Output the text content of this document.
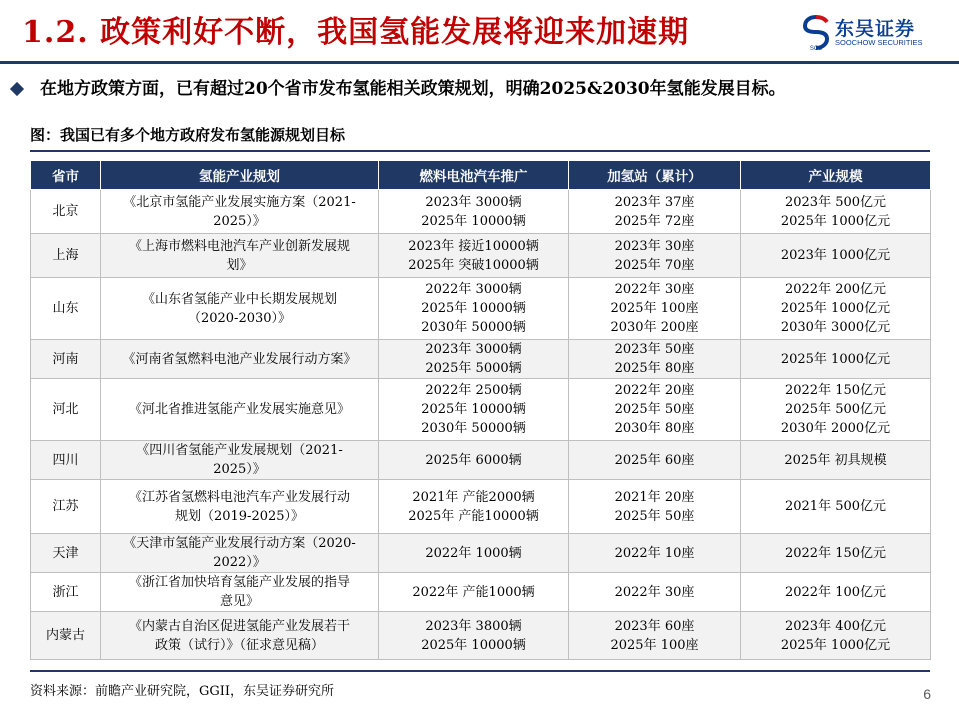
1.2. 政策利好不断，我国氢能发展将迎来加速期	SCS
东吴证券
SOOCHOW SECURITIES
在地方政策方面，已有超过20个省市发布氢能相关政策规划，明确2025&2030年氢能发展目标。
图：我国已有多个地方政府发布氢能源规划目标
省市	氢能产业规划	燃料电池汽车推广	加氢站（累计）	产业规模
北京	《北京市氢能产业发展实施方案（2021-
2025）》	2023年 3000辆
2025年 10000辆	2023年 37座
2025年 72座	2023年 500亿元
2025年 1000亿元

上海	《上海市燃料电池汽车产业创新发展规
划》	2023年 接近10000辆
2025年 突破10000辆	2023年 30座
2025年 70座	2023年 1000亿元

山东	《山东省氢能产业中长期发展规划
（2020-2030）》	2022年 3000辆
2025年 10000辆
2030年 50000辆	2022年 30座
2025年 100座
2030年 200座	2022年 200亿元
2025年 1000亿元
2030年 3000亿元

河南	《河南省氢燃料电池产业发展行动方案》	2023年 3000辆
2025年 5000辆	2023年 50座
2025年 80座	2025年 1000亿元

河北	《河北省推进氢能产业发展实施意见》	2022年 2500辆
2025年 10000辆
2030年 50000辆	2022年 20座
2025年 50座
2030年 80座	2022年 150亿元
2025年 500亿元
2030年 2000亿元

四川	《四川省氢能产业发展规划（2021-
2025）》	2025年 6000辆	2025年 60座	2025年 初具规模

江苏	《江苏省氢燃料电池汽车产业发展行动
规划（2019-2025）》	2021年 产能2000辆
2025年 产能10000辆	2021年 20座
2025年 50座	2021年 500亿元

天津	《天津市氢能产业发展行动方案（2020-
2022）》	2022年 1000辆	2022年 10座	2022年 150亿元

浙江	《浙江省加快培育氢能产业发展的指导
意见》	2022年 产能1000辆	2022年 30座	2022年 100亿元

内蒙古	《内蒙古自治区促进氢能产业发展若干
政策（试行）》（征求意见稿）	2023年 3800辆
2025年 10000辆	2023年 60座
2025年 100座	2023年 400亿元
2025年 1000亿元
资料来源：前瞻产业研究院，GGII，东吴证券研究所	6
